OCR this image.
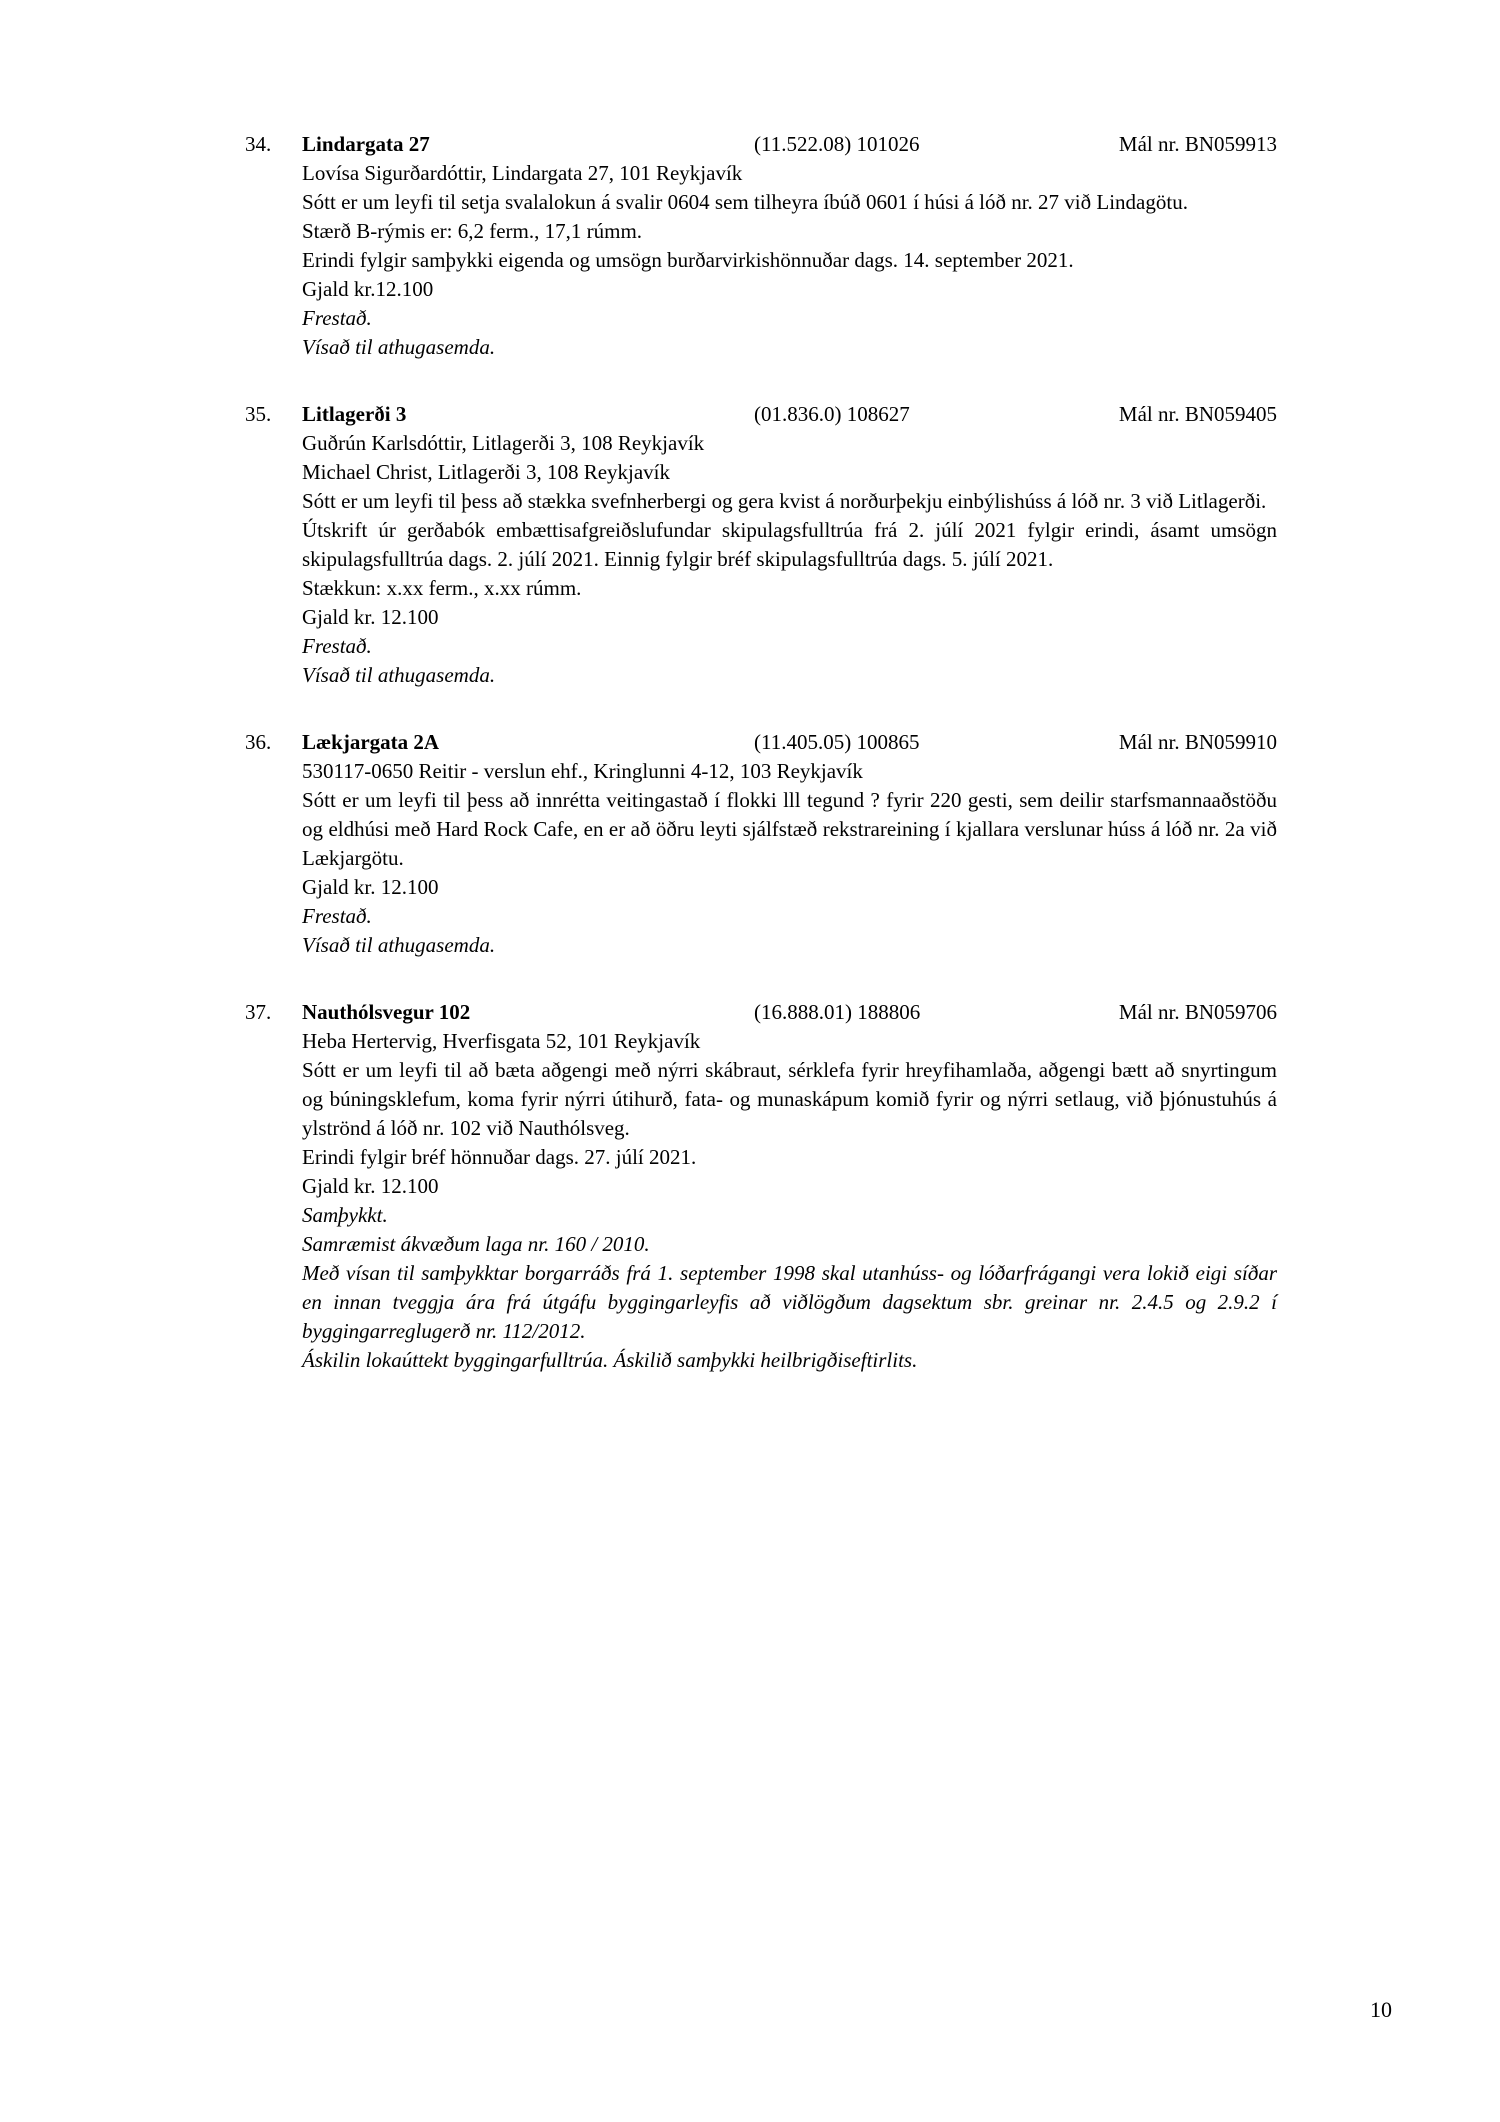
34.	Lindargata 27	(11.522.08) 101026	Mál nr. BN059913
Lovísa Sigurðardóttir, Lindargata 27, 101 Reykjavík
Sótt er um leyfi til setja svalalokun á svalir 0604 sem tilheyra íbúð 0601 í húsi á lóð nr. 27 við Lindagötu.
Stærð B-rýmis er: 6,2 ferm., 17,1 rúmm.
Erindi fylgir samþykki eigenda og umsögn burðarvirkishönnuðar dags. 14. september 2021.
Gjald kr.12.100
Frestað.
Vísað til athugasemda.
35.	Litlagerði 3	(01.836.0) 108627	Mál nr. BN059405
Guðrún Karlsdóttir, Litlagerði 3, 108 Reykjavík
Michael Christ, Litlagerði 3, 108 Reykjavík
Sótt er um leyfi til þess að stækka svefnherbergi og gera kvist á norðurþekju einbýlishúss á lóð nr. 3 við Litlagerði.
Útskrift úr gerðabók embættisafgreiðslufundar skipulagsfulltrúa frá 2. júlí 2021 fylgir erindi, ásamt umsögn skipulagsfulltrúa dags. 2. júlí 2021. Einnig fylgir bréf skipulagsfulltrúa dags. 5. júlí 2021.
Stækkun: x.xx ferm., x.xx rúmm.
Gjald kr. 12.100
Frestað.
Vísað til athugasemda.
36.	Lækjargata 2A	(11.405.05) 100865	Mál nr. BN059910
530117-0650 Reitir - verslun ehf., Kringlunni 4-12, 103 Reykjavík
Sótt er um leyfi til þess að innrétta veitingastað í flokki lll tegund ? fyrir 220 gesti, sem deilir starfsmannaaðstöðu og eldhúsi með Hard Rock Cafe, en er að öðru leyti sjálfstæð rekstrareining í kjallara verslunar húss á lóð nr. 2a við Lækjargötu.
Gjald kr. 12.100
Frestað.
Vísað til athugasemda.
37.	Nauthólsvegur 102	(16.888.01) 188806	Mál nr. BN059706
Heba Hertervig, Hverfisgata 52, 101 Reykjavík
Sótt er um leyfi til að bæta aðgengi með nýrri skábraut, sérklefa fyrir hreyfihamlaða, aðgengi bætt að snyrtingum og búningsklefum, koma fyrir nýrri útihurð, fata- og munaskápum komið fyrir og nýrri setlaug, við þjónustuhús á ylströnd á lóð nr. 102 við Nauthólsveg.
Erindi fylgir bréf hönnuðar dags. 27. júlí 2021.
Gjald kr. 12.100
Samþykkt.
Samræmist ákvæðum laga nr. 160 / 2010.
Með vísan til samþykktar borgarráðs frá 1. september 1998 skal utanhúss- og lóðarfrágangi vera lokið eigi síðar en innan tveggja ára frá útgáfu byggingarleyfis að viðlögðum dagsektum sbr. greinar nr. 2.4.5 og 2.9.2 í byggingarreglugerð nr. 112/2012.
Áskilin lokaúttekt byggingarfulltrúa. Áskilið samþykki heilbrigðiseftirlits.
10
